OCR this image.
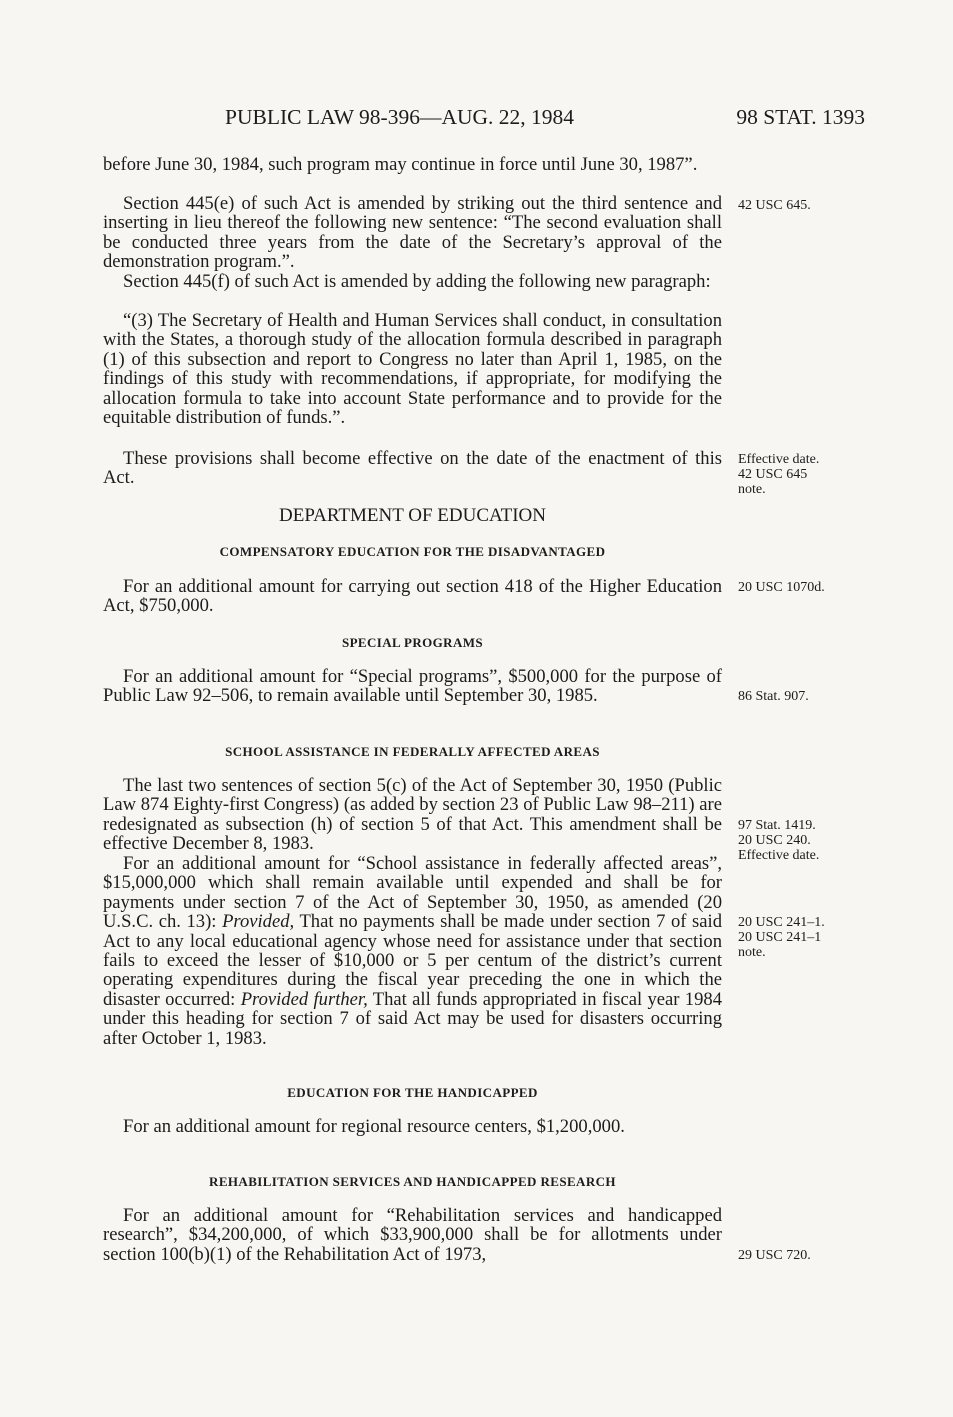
PUBLIC LAW 98-396—AUG. 22, 1984	98 STAT. 1393

before June 30, 1984, such program may continue in force until June 30, 1987”.

Section 445(e) of such Act is amended by striking out the third sentence and inserting in lieu thereof the following new sentence: “The second evaluation shall be conducted three years from the date of the Secretary’s approval of the demonstration program.”.

Section 445(f) of such Act is amended by adding the following new paragraph:

“(3) The Secretary of Health and Human Services shall conduct, in consultation with the States, a thorough study of the allocation formula described in paragraph (1) of this subsection and report to Congress no later than April 1, 1985, on the findings of this study with recommendations, if appropriate, for modifying the allocation formula to take into account State performance and to provide for the equitable distribution of funds.”.

These provisions shall become effective on the date of the enactment of this Act.

DEPARTMENT OF EDUCATION
COMPENSATORY EDUCATION FOR THE DISADVANTAGED

For an additional amount for carrying out section 418 of the Higher Education Act, $750,000.

SPECIAL PROGRAMS

For an additional amount for “Special programs”, $500,000 for the purpose of Public Law 92–506, to remain available until September 30, 1985.

SCHOOL ASSISTANCE IN FEDERALLY AFFECTED AREAS

The last two sentences of section 5(c) of the Act of September 30, 1950 (Public Law 874 Eighty-first Congress) (as added by section 23 of Public Law 98–211) are redesignated as subsection (h) of section 5 of that Act. This amendment shall be effective December 8, 1983.

For an additional amount for “School assistance in federally affected areas”, $15,000,000 which shall remain available until expended and shall be for payments under section 7 of the Act of September 30, 1950, as amended (20 U.S.C. ch. 13): Provided, That no payments shall be made under section 7 of said Act to any local educational agency whose need for assistance under that section fails to exceed the lesser of $10,000 or 5 per centum of the district’s current operating expenditures during the fiscal year preceding the one in which the disaster occurred: Provided further, That all funds appropriated in fiscal year 1984 under this heading for section 7 of said Act may be used for disasters occurring after October 1, 1983.

EDUCATION FOR THE HANDICAPPED

For an additional amount for regional resource centers, $1,200,000.

REHABILITATION SERVICES AND HANDICAPPED RESEARCH

For an additional amount for “Rehabilitation services and handicapped research”, $34,200,000, of which $33,900,000 shall be for allotments under section 100(b)(1) of the Rehabilitation Act of 1973,

42 USC 645.
Effective date.
42 USC 645
note.
20 USC 1070d.
86 Stat. 907.
97 Stat. 1419.
20 USC 240.
Effective date.
20 USC 241–1.
20 USC 241–1
note.
29 USC 720.
